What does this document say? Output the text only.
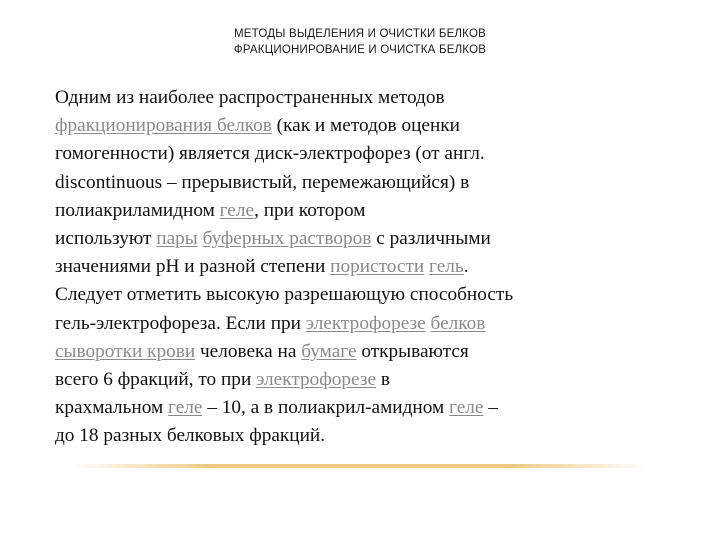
МЕТОДЫ ВЫДЕЛЕНИЯ И ОЧИСТКИ БЕЛКОВ
ФРАКЦИОНИРОВАНИЕ И ОЧИСТКА БЕЛКОВ
Одним из наиболее распространенных методов
фракционирования белков (как и методов оценки
гомогенности) является диск-электрофорез (от англ.
discontinuous – прерывистый, перемежающийся) в
полиакриламидном геле, при котором
используют пары буферных растворов с различными
значениями pH и разной степени пористости гель.
Следует отметить высокую разрешающую способность
гель-электрофореза. Если при электрофорезе белков
сыворотки крови человека на бумаге открываются
всего 6 фракций, то при электрофорезе в
крахмальном геле – 10, а в полиакрил-амидном геле –
до 18 разных белковых фракций.
